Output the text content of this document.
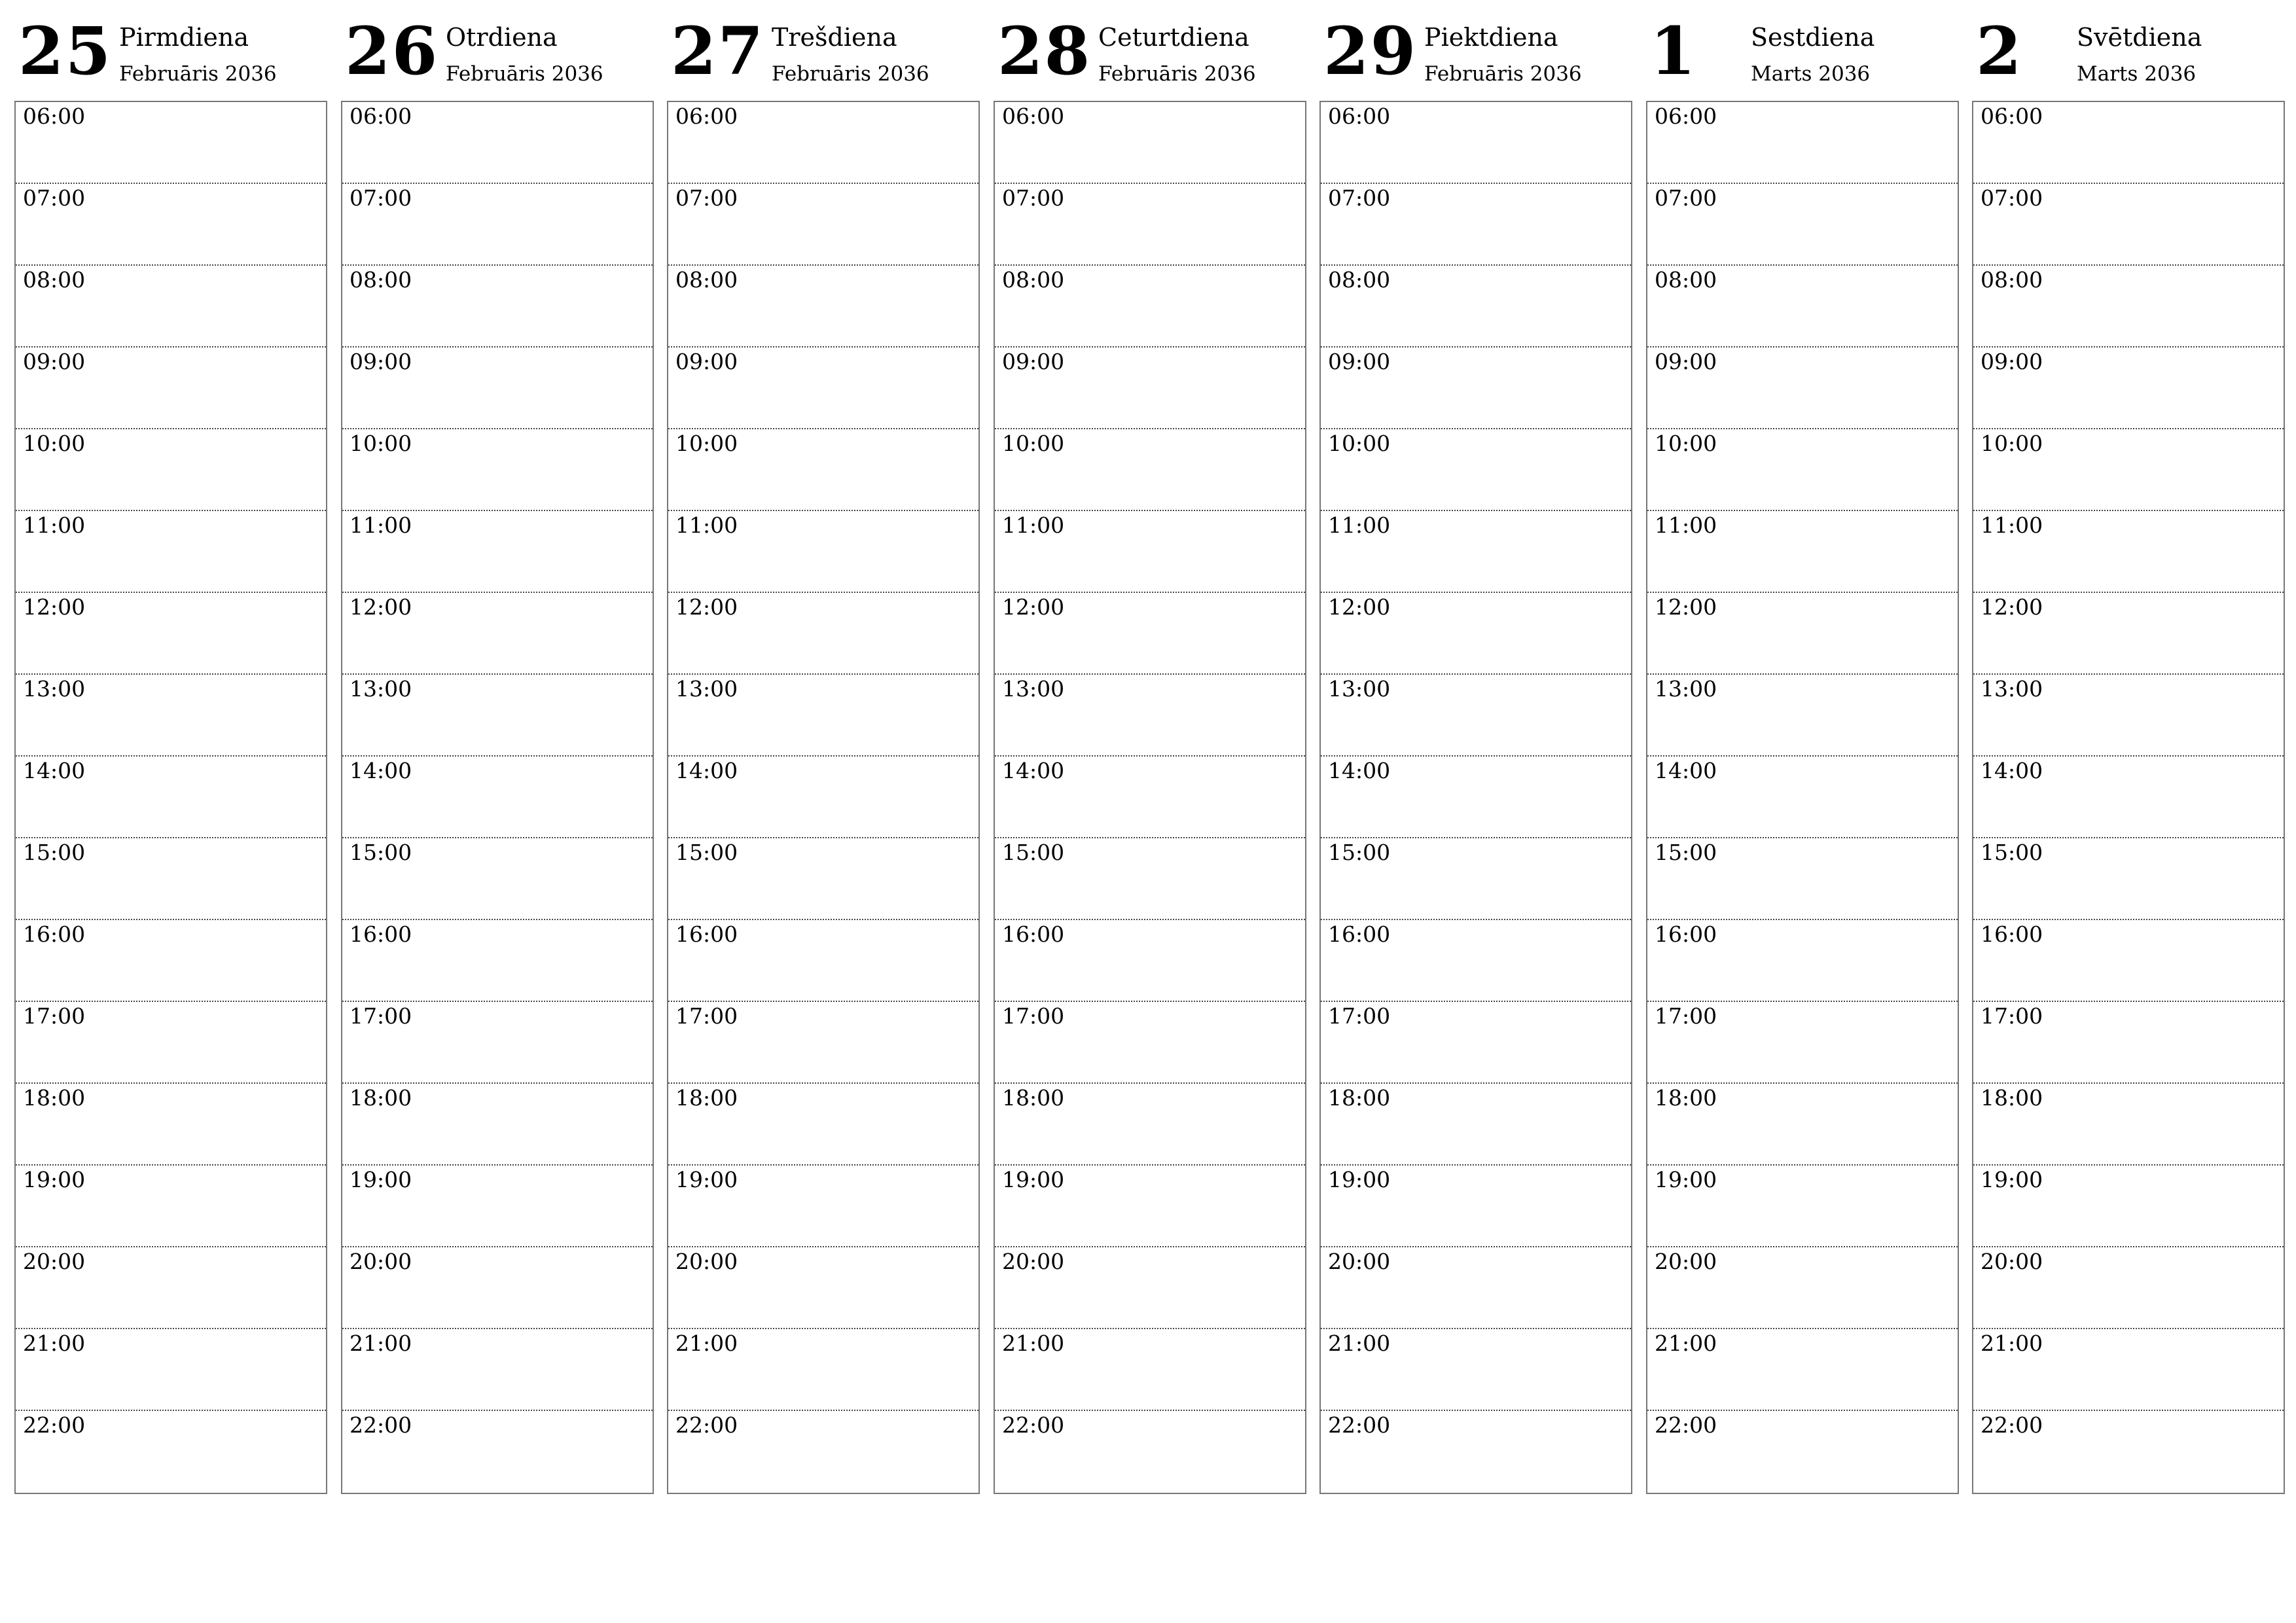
25 Pirmdiena
Februāris 2036
06:00
07:00
08:00
09:00
10:00
11:00
12:00
13:00
14:00
15:00
16:00
17:00
18:00
19:00
20:00
21:00
22:00
26 Otrdiena
Februāris 2036
06:00
07:00
08:00
09:00
10:00
11:00
12:00
13:00
14:00
15:00
16:00
17:00
18:00
19:00
20:00
21:00
22:00
27 Trešdiena
Februāris 2036
06:00
07:00
08:00
09:00
10:00
11:00
12:00
13:00
14:00
15:00
16:00
17:00
18:00
19:00
20:00
21:00
22:00
28 Ceturtdiena
Februāris 2036
06:00
07:00
08:00
09:00
10:00
11:00
12:00
13:00
14:00
15:00
16:00
17:00
18:00
19:00
20:00
21:00
22:00
29 Piektdiena
Februāris 2036
06:00
07:00
08:00
09:00
10:00
11:00
12:00
13:00
14:00
15:00
16:00
17:00
18:00
19:00
20:00
21:00
22:00
1 Sestdiena
Marts 2036
06:00
07:00
08:00
09:00
10:00
11:00
12:00
13:00
14:00
15:00
16:00
17:00
18:00
19:00
20:00
21:00
22:00
2 Svētdiena
Marts 2036
06:00
07:00
08:00
09:00
10:00
11:00
12:00
13:00
14:00
15:00
16:00
17:00
18:00
19:00
20:00
21:00
22:00
